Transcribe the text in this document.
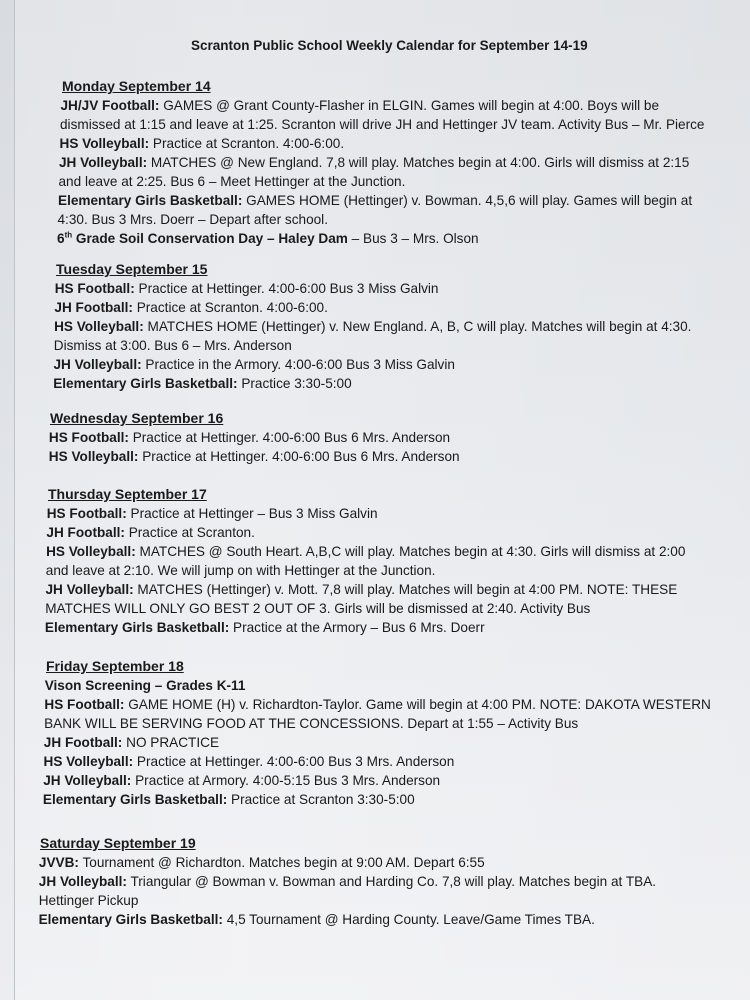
Scranton Public School Weekly Calendar for September 14-19
Monday September 14
JH/JV Football: GAMES @ Grant County-Flasher in ELGIN. Games will begin at 4:00. Boys will be
dismissed at 1:15 and leave at 1:25. Scranton will drive JH and Hettinger JV team. Activity Bus – Mr. Pierce
HS Volleyball: Practice at Scranton. 4:00-6:00.
JH Volleyball: MATCHES @ New England. 7,8 will play. Matches begin at 4:00. Girls will dismiss at 2:15
and leave at 2:25. Bus 6 – Meet Hettinger at the Junction.
Elementary Girls Basketball: GAMES HOME (Hettinger) v. Bowman. 4,5,6 will play. Games will begin at
4:30. Bus 3 Mrs. Doerr – Depart after school.
6th Grade Soil Conservation Day – Haley Dam – Bus 3 – Mrs. Olson
Tuesday September 15
HS Football: Practice at Hettinger. 4:00-6:00 Bus 3 Miss Galvin
JH Football: Practice at Scranton. 4:00-6:00.
HS Volleyball: MATCHES HOME (Hettinger) v. New England. A, B, C will play. Matches will begin at 4:30.
Dismiss at 3:00. Bus 6 – Mrs. Anderson
JH Volleyball: Practice in the Armory. 4:00-6:00 Bus 3 Miss Galvin
Elementary Girls Basketball: Practice 3:30-5:00
Wednesday September 16
HS Football: Practice at Hettinger. 4:00-6:00 Bus 6 Mrs. Anderson
HS Volleyball: Practice at Hettinger. 4:00-6:00 Bus 6 Mrs. Anderson
Thursday September 17
HS Football: Practice at Hettinger – Bus 3 Miss Galvin
JH Football: Practice at Scranton.
HS Volleyball: MATCHES @ South Heart. A,B,C will play. Matches begin at 4:30. Girls will dismiss at 2:00
and leave at 2:10. We will jump on with Hettinger at the Junction.
JH Volleyball: MATCHES (Hettinger) v. Mott. 7,8 will play. Matches will begin at 4:00 PM. NOTE: THESE
MATCHES WILL ONLY GO BEST 2 OUT OF 3. Girls will be dismissed at 2:40. Activity Bus
Elementary Girls Basketball: Practice at the Armory – Bus 6 Mrs. Doerr
Friday September 18
Vison Screening – Grades K-11
HS Football: GAME HOME (H) v. Richardton-Taylor. Game will begin at 4:00 PM. NOTE: DAKOTA WESTERN
BANK WILL BE SERVING FOOD AT THE CONCESSIONS. Depart at 1:55 – Activity Bus
JH Football: NO PRACTICE
HS Volleyball: Practice at Hettinger. 4:00-6:00 Bus 3 Mrs. Anderson
JH Volleyball: Practice at Armory. 4:00-5:15 Bus 3 Mrs. Anderson
Elementary Girls Basketball: Practice at Scranton 3:30-5:00
Saturday September 19
JVVB: Tournament @ Richardton. Matches begin at 9:00 AM. Depart 6:55
JH Volleyball: Triangular @ Bowman v. Bowman and Harding Co. 7,8 will play. Matches begin at TBA.
Hettinger Pickup
Elementary Girls Basketball: 4,5 Tournament @ Harding County. Leave/Game Times TBA.
